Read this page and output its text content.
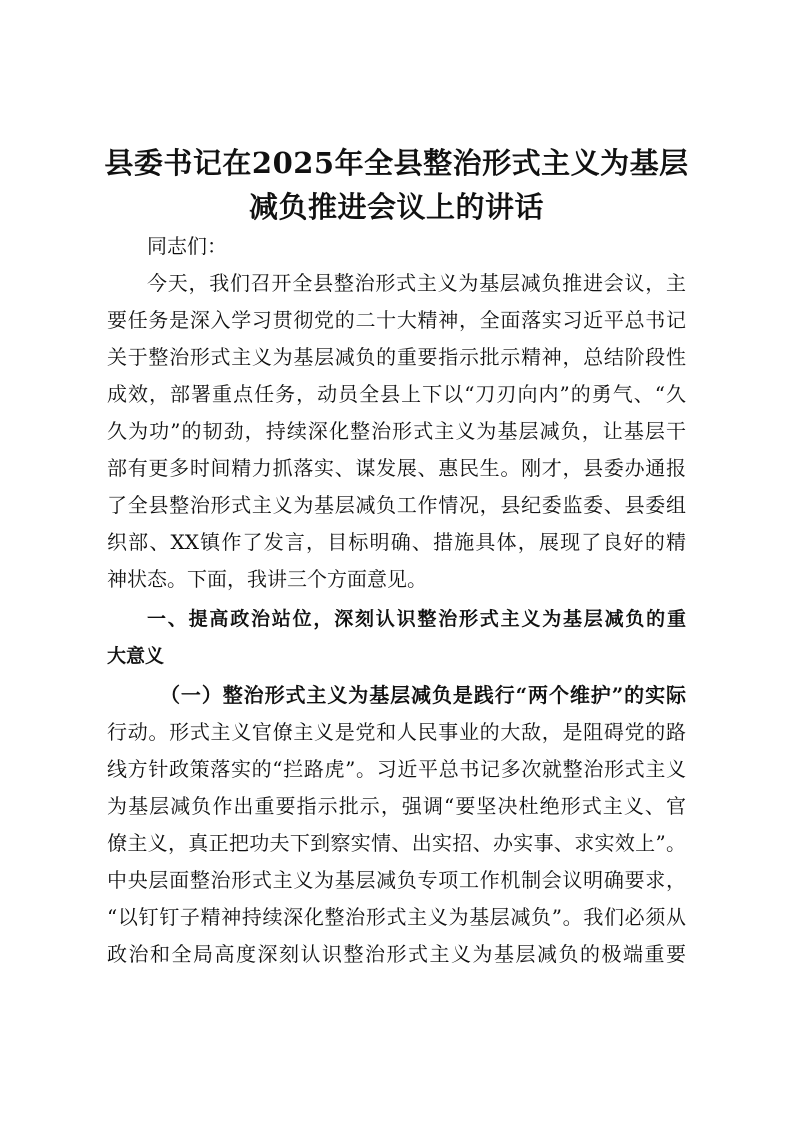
县委书记在2025年全县整治形式主义为基层
减负推进会议上的讲话

同志们：

今天，我们召开全县整治形式主义为基层减负推进会议，主

要任务是深入学习贯彻党的二十大精神，全面落实习近平总书记

关于整治形式主义为基层减负的重要指示批示精神，总结阶段性

成效，部署重点任务，动员全县上下以“刀刃向内”的勇气、“久

久为功”的韧劲，持续深化整治形式主义为基层减负，让基层干

部有更多时间精力抓落实、谋发展、惠民生。刚才，县委办通报

了全县整治形式主义为基层减负工作情况，县纪委监委、县委组

织部、XX镇作了发言，目标明确、措施具体，展现了良好的精

神状态。下面，我讲三个方面意见。

一、提高政治站位，深刻认识整治形式主义为基层减负的重

大意义

（一）整治形式主义为基层减负是践行“两个维护”的实际

行动。形式主义官僚主义是党和人民事业的大敌，是阻碍党的路

线方针政策落实的“拦路虎”。习近平总书记多次就整治形式主义

为基层减负作出重要指示批示，强调“要坚决杜绝形式主义、官

僚主义，真正把功夫下到察实情、出实招、办实事、求实效上”。

中央层面整治形式主义为基层减负专项工作机制会议明确要求，

“以钉钉子精神持续深化整治形式主义为基层减负”。我们必须从

政治和全局高度深刻认识整治形式主义为基层减负的极端重要
